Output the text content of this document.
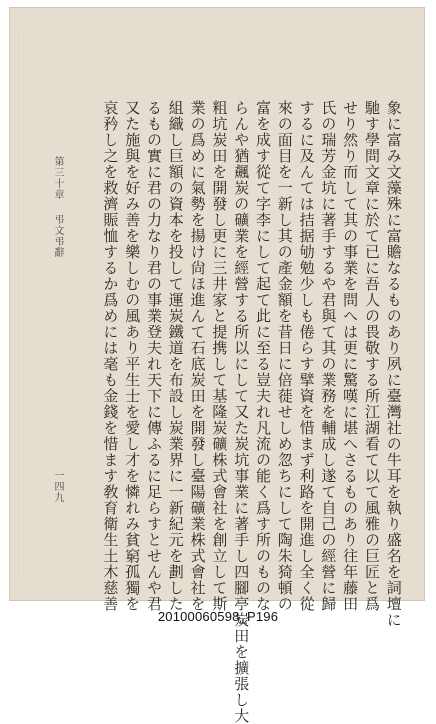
象に富み文藻殊に富贍なるものあり夙に臺灣社の牛耳を執り盛名を詞壇に
馳す學問文章に於て已に吾人の畏敬する所江湖看て以て風雅の巨匠と爲
せり然り而して其の事業を問へは更に驚嘆に堪へさるものあり往年藤田
氏の瑞芳金坑に著手するや君與て其の業務を輔成し遂て自己の經營に歸
するに及んては拮据劬勉少しも倦らす擘資を惜まず利路を開進し全く從
來の面目を一新し其の產金額を昔日に倍蓰せしめ忽ちにして陶朱猗頓の
富を成す從て字李にして起て此に至る豈夫れ凡流の能く爲す所のものな
らんや猶飆炭の礦業を經營する所以にして又た炭坑事業に著手し四腳亭炭田を擴張し大
粗坑炭田を開發し更に三井家と提携して基隆炭礦株式會社を創立して斯
業の爲めに氣勢を揚け尙ほ進んて石底炭田を開發し臺陽礦業株式會社を
組織し巨額の資本を投して運炭鐵道を布設し炭業界に一新紀元を劃した
るもの實に君の力なり君の事業登夫れ天下に傳ふるに足らすとせんや君
又た施與を好み善を樂しむの風あり平生士を愛し才を憐れみ貧窮孤獨を
哀矜し之を救濟賑恤するか爲めには毫も金錢を惜ます敎育衛生土木慈善
第三十章弔文弔辭
一四九
20100060598_P196
